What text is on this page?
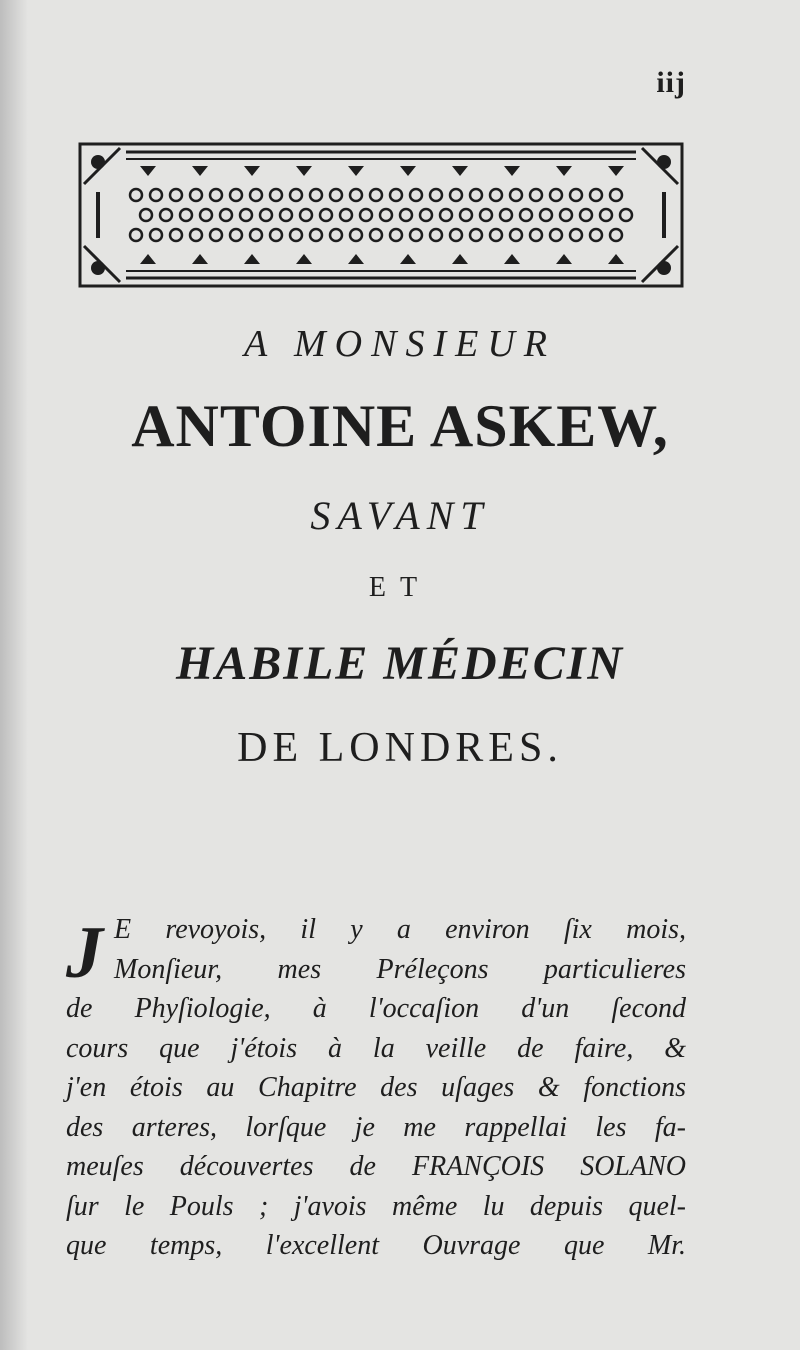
iij
A MONSIEUR
ANTOINE ASKEW,
SAVANT
ET
HABILE MÉDECIN
DE LONDRES.
J E revoyois, il y a environ ſix mois,
Monſieur, mes Préleçons particulieres
de Phyſiologie, à l'occaſion d'un ſecond
cours que j'étois à la veille de faire, &
j'en étois au Chapitre des uſages & fonctions
des arteres, lorſque je me rappellai les fa-
meuſes découvertes de FRANÇOIS SOLANO
ſur le Pouls ; j'avois même lu depuis quel-
que temps, l'excellent Ouvrage que Mr.
